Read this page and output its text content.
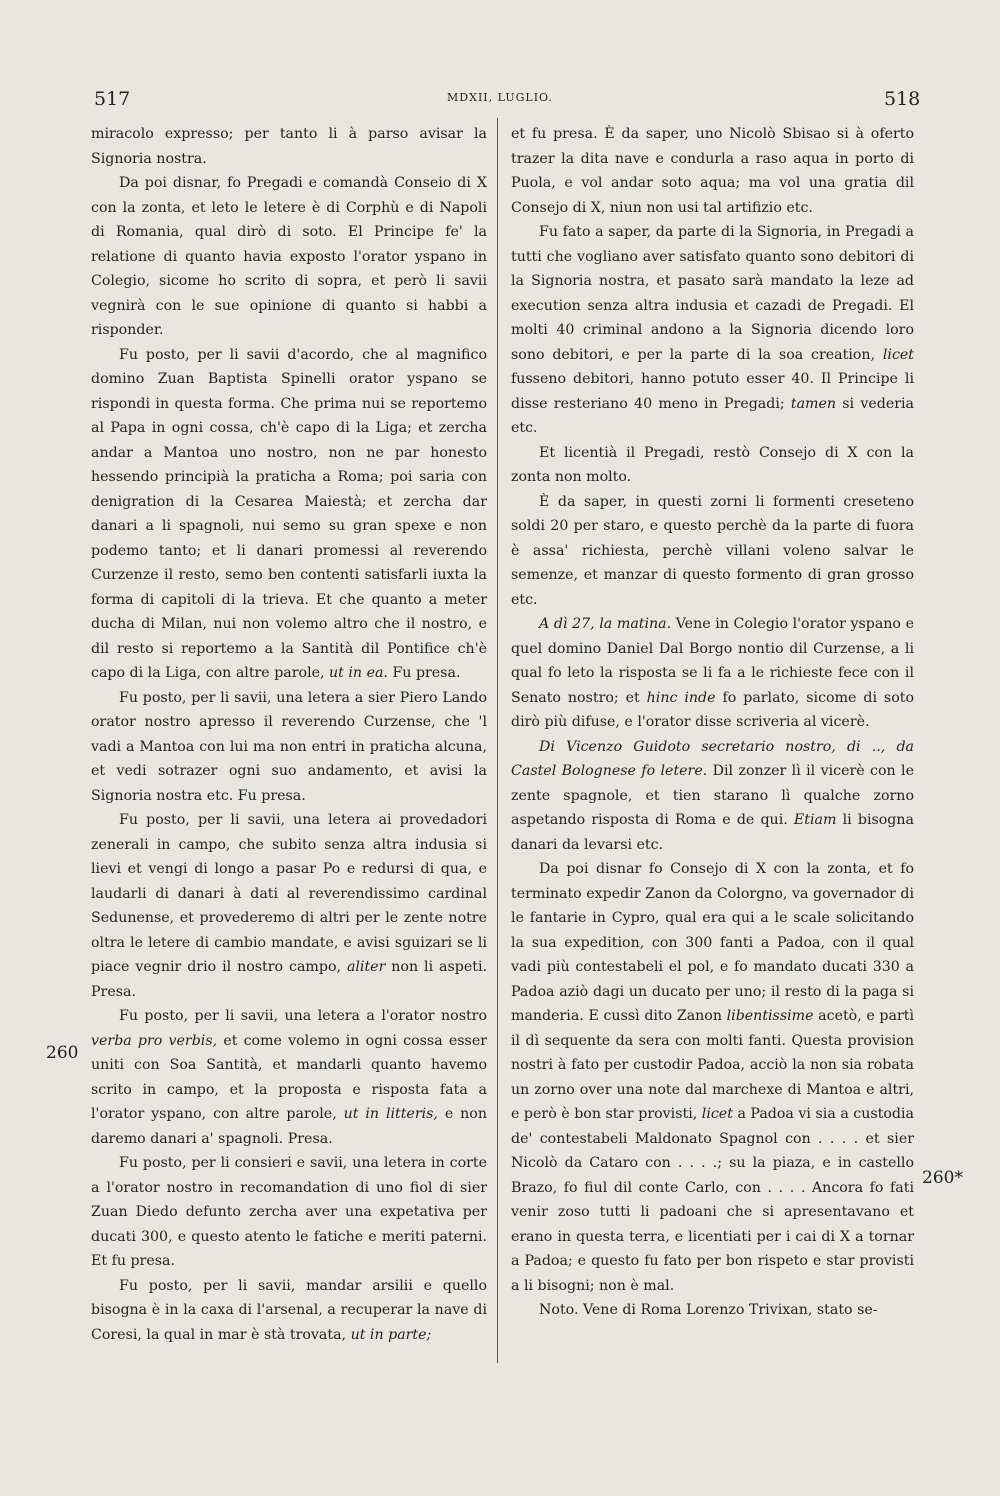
517	MDXII, LUGLIO.	518

miracolo expresso; per tanto li à parso avisar la Signoria nostra.

Da poi disnar, fo Pregadi e comandà Conseio di X con la zonta, et leto le letere è di Corphù e di Napoli di Romania, qual dirò di soto. El Principe fe' la relatione di quanto havia exposto l'orator yspano in Colegio, sicome ho scrito di sopra, et però li savii vegnirà con le sue opinione di quanto si habbi a risponder.

Fu posto, per li savii d'acordo, che al magnifico domino Zuan Baptista Spinelli orator yspano se rispondi in questa forma. Che prima nui se reportemo al Papa in ogni cossa, ch'è capo di la Liga; et zercha andar a Mantoa uno nostro, non ne par honesto hessendo principià la praticha a Roma; poi saria con denigration di la Cesarea Maiestà; et zercha dar danari a li spagnoli, nui semo su gran spexe e non podemo tanto; et li danari promessi al reverendo Curzenze il resto, semo ben contenti satisfarli iuxta la forma di capitoli di la trieva. Et che quanto a meter ducha di Milan, nui non volemo altro che il nostro, e dil resto si reportemo a la Santità dil Pontifice ch'è capo di la Liga, con altre parole, ut in ea. Fu presa.

Fu posto, per li savii, una letera a sier Piero Lando orator nostro apresso il reverendo Curzense, che 'l vadi a Mantoa con lui ma non entri in praticha alcuna, et vedi sotrazer ogni suo andamento, et avisi la Signoria nostra etc. Fu presa.

Fu posto, per li savii, una letera ai provedadori zenerali in campo, che subito senza altra indusia si lievi et vengi di longo a pasar Po e redursi di qua, e laudarli di danari à dati al reverendissimo cardinal Sedunense, et provederemo di altri per le zente notre oltra le letere di cambio mandate, e avisi sguizari se li piace vegnir drio il nostro campo, aliter non li aspeti. Presa.

Fu posto, per li savii, una letera a l'orator nostro verba pro verbis, et come volemo in ogni cossa esser uniti con Soa Santità, et mandarli quanto havemo scrito in campo, et la proposta e risposta fata a l'orator yspano, con altre parole, ut in litteris, e non daremo danari a' spagnoli. Presa.

Fu posto, per li consieri e savii, una letera in corte a l'orator nostro in recomandation di uno fiol di sier Zuan Diedo defunto zercha aver una expetativa per ducati 300, e questo atento le fatiche e meriti paterni. Et fu presa.

Fu posto, per li savii, mandar arsilii e quello bisogna è in la caxa di l'arsenal, a recuperar la nave di Coresi, la qual in mar è stà trovata, ut in parte;

et fu presa. È da saper, uno Nicolò Sbisao si à oferto trazer la dita nave e condurla a raso aqua in porto di Puola, e vol andar soto aqua; ma vol una gratia dil Consejo di X, niun non usi tal artifizio etc.

Fu fato a saper, da parte di la Signoria, in Pregadi a tutti che vogliano aver satisfato quanto sono debitori di la Signoria nostra, et pasato sarà mandato la leze ad execution senza altra indusia et cazadi de Pregadi. El molti 40 criminal andono a la Signoria dicendo loro sono debitori, e per la parte di la soa creation, licet fusseno debitori, hanno potuto esser 40. Il Principe li disse resteriano 40 meno in Pregadi; tamen si vederia etc.

Et licentià il Pregadi, restò Consejo di X con la zonta non molto.

È da saper, in questi zorni li formenti creseteno soldi 20 per staro, e questo perchè da la parte di fuora è assa' richiesta, perchè villani voleno salvar le semenze, et manzar di questo formento di gran grosso etc.

A dì 27, la matina. Vene in Colegio l'orator yspano e quel domino Daniel Dal Borgo nontio dil Curzense, a li qual fo leto la risposta se li fa a le richieste fece con il Senato nostro; et hinc inde fo parlato, sicome di soto dirò più difuse, e l'orator disse scriveria al vicerè.

Di Vicenzo Guidoto secretario nostro, di .., da Castel Bolognese fo letere. Dil zonzer lì il vicerè con le zente spagnole, et tien starano lì qualche zorno aspetando risposta di Roma e de qui. Etiam li bisogna danari da levarsi etc.

Da poi disnar fo Consejo di X con la zonta, et fo terminato expedir Zanon da Colorgno, va governador di le fantarie in Cypro, qual era qui a le scale solicitando la sua expedition, con 300 fanti a Padoa, con il qual vadi più contestabeli el pol, e fo mandato ducati 330 a Padoa aziò dagi un ducato per uno; il resto di la paga si manderia. E cussì dito Zanon libentissime acetò, e partì il dì sequente da sera con molti fanti. Questa provision nostri à fato per custodir Padoa, acciò la non sia robata un zorno over una note dal marchexe di Mantoa e altri, e però è bon star provisti, licet a Padoa vi sia a custodia de' contestabeli Maldonato Spagnol con . . . . et sier Nicolò da Cataro con . . . .; su la piaza, e in castello Brazo, fo fiul dil conte Carlo, con . . . . Ancora fo fati venir zoso tutti li padoani che si apresentavano et erano in questa terra, e licentiati per i cai di X a tornar a Padoa; e questo fu fato per bon rispeto e star provisti a li bisogni; non è mal.

Noto. Vene di Roma Lorenzo Trivixan, stato se-

260
260*
